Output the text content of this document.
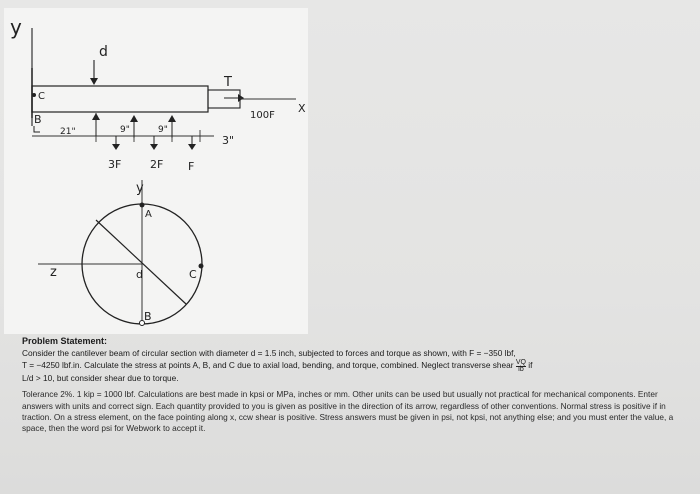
y
d
C
B
T
X
100F
21"	9"	9"
3"
3F	2F F
y
z	d
A
B
C
Problem Statement:

Consider the cantilever beam of circular section with diameter d = 1.5 inch, subjected to forces and torque as shown, with F = −350 lbf,
T = −4250 lbf.in. Calculate the stress at points A, B, and C due to axial load, bending, and torque, combined. Neglect transverse shear $\frac{VQ}{Ib}$ if
L/d > 10, but consider shear due to torque.

Tolerance 2%. 1 kip = 1000 lbf. Calculations are best made in kpsi or MPa, inches or mm. Other units can be used but usually not practical for mechanical components. Enter answers with units and correct sign. Each quantity provided to you is given as positive in the direction of its arrow, regardless of other conventions. Normal stress is positive if in traction. On a stress element, on the face pointing along x, ccw shear is positive. Stress answers must be given in psi, not kpsi, not anything else; and you must enter the value, a space, then the word psi for Webwork to accept it.
